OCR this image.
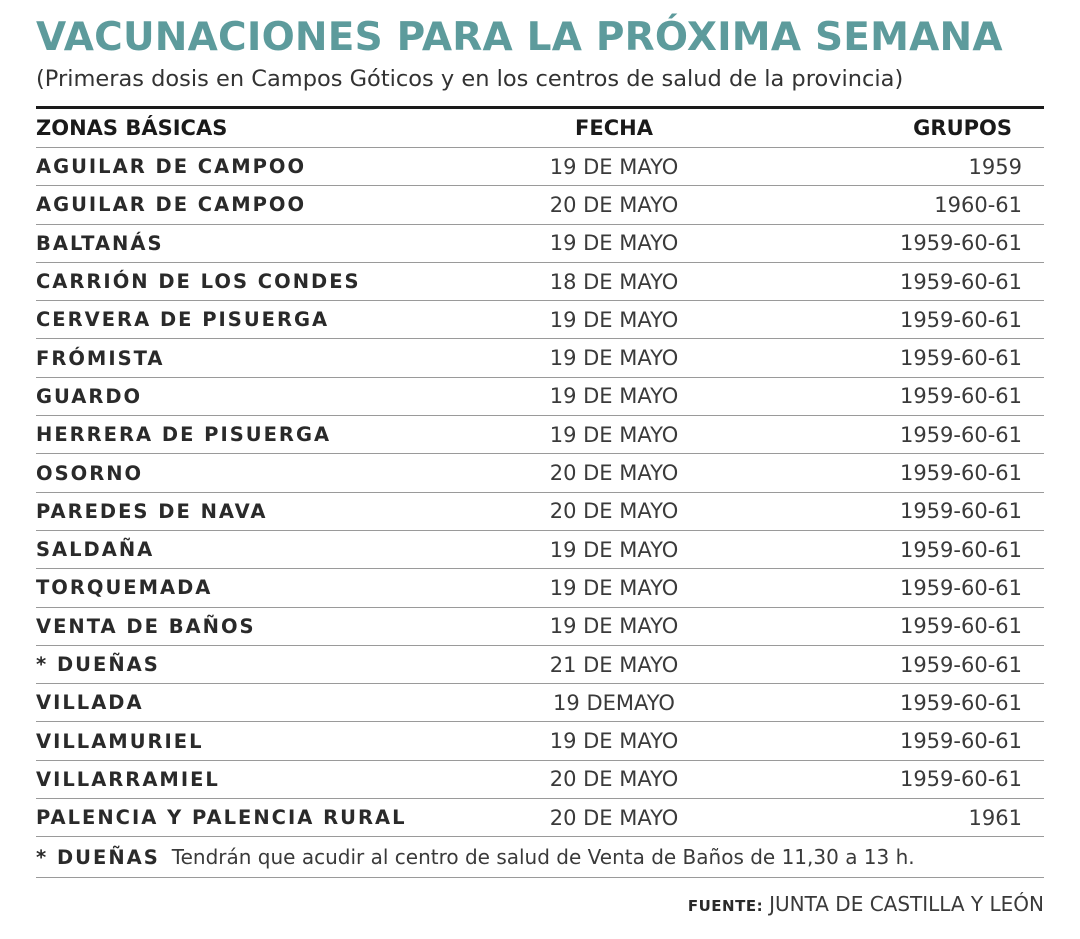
VACUNACIONES PARA LA PRÓXIMA SEMANA

(Primeras dosis en Campos Góticos y en los centros de salud de la provincia)

ZONAS BÁSICAS	FECHA	GRUPOS
AGUILAR DE CAMPOO	19 DE MAYO	1959
AGUILAR DE CAMPOO	20 DE MAYO	1960-61
BALTANÁS	19 DE MAYO	1959-60-61
CARRIÓN DE LOS CONDES	18 DE MAYO	1959-60-61
CERVERA DE PISUERGA	19 DE MAYO	1959-60-61
FRÓMISTA	19 DE MAYO	1959-60-61
GUARDO	19 DE MAYO	1959-60-61
HERRERA DE PISUERGA	19 DE MAYO	1959-60-61
OSORNO	20 DE MAYO	1959-60-61
PAREDES DE NAVA	20 DE MAYO	1959-60-61
SALDAÑA	19 DE MAYO	1959-60-61
TORQUEMADA	19 DE MAYO	1959-60-61
VENTA DE BAÑOS	19 DE MAYO	1959-60-61
* DUEÑAS	21 DE MAYO	1959-60-61
VILLADA	19 DEMAYO	1959-60-61
VILLAMURIEL	19 DE MAYO	1959-60-61
VILLARRAMIEL	20 DE MAYO	1959-60-61
PALENCIA Y PALENCIA RURAL	20 DE MAYO	1961
* DUEÑAS Tendrán que acudir al centro de salud de Venta de Baños de 11,30 a 13 h.
FUENTE: JUNTA DE CASTILLA Y LEÓN
